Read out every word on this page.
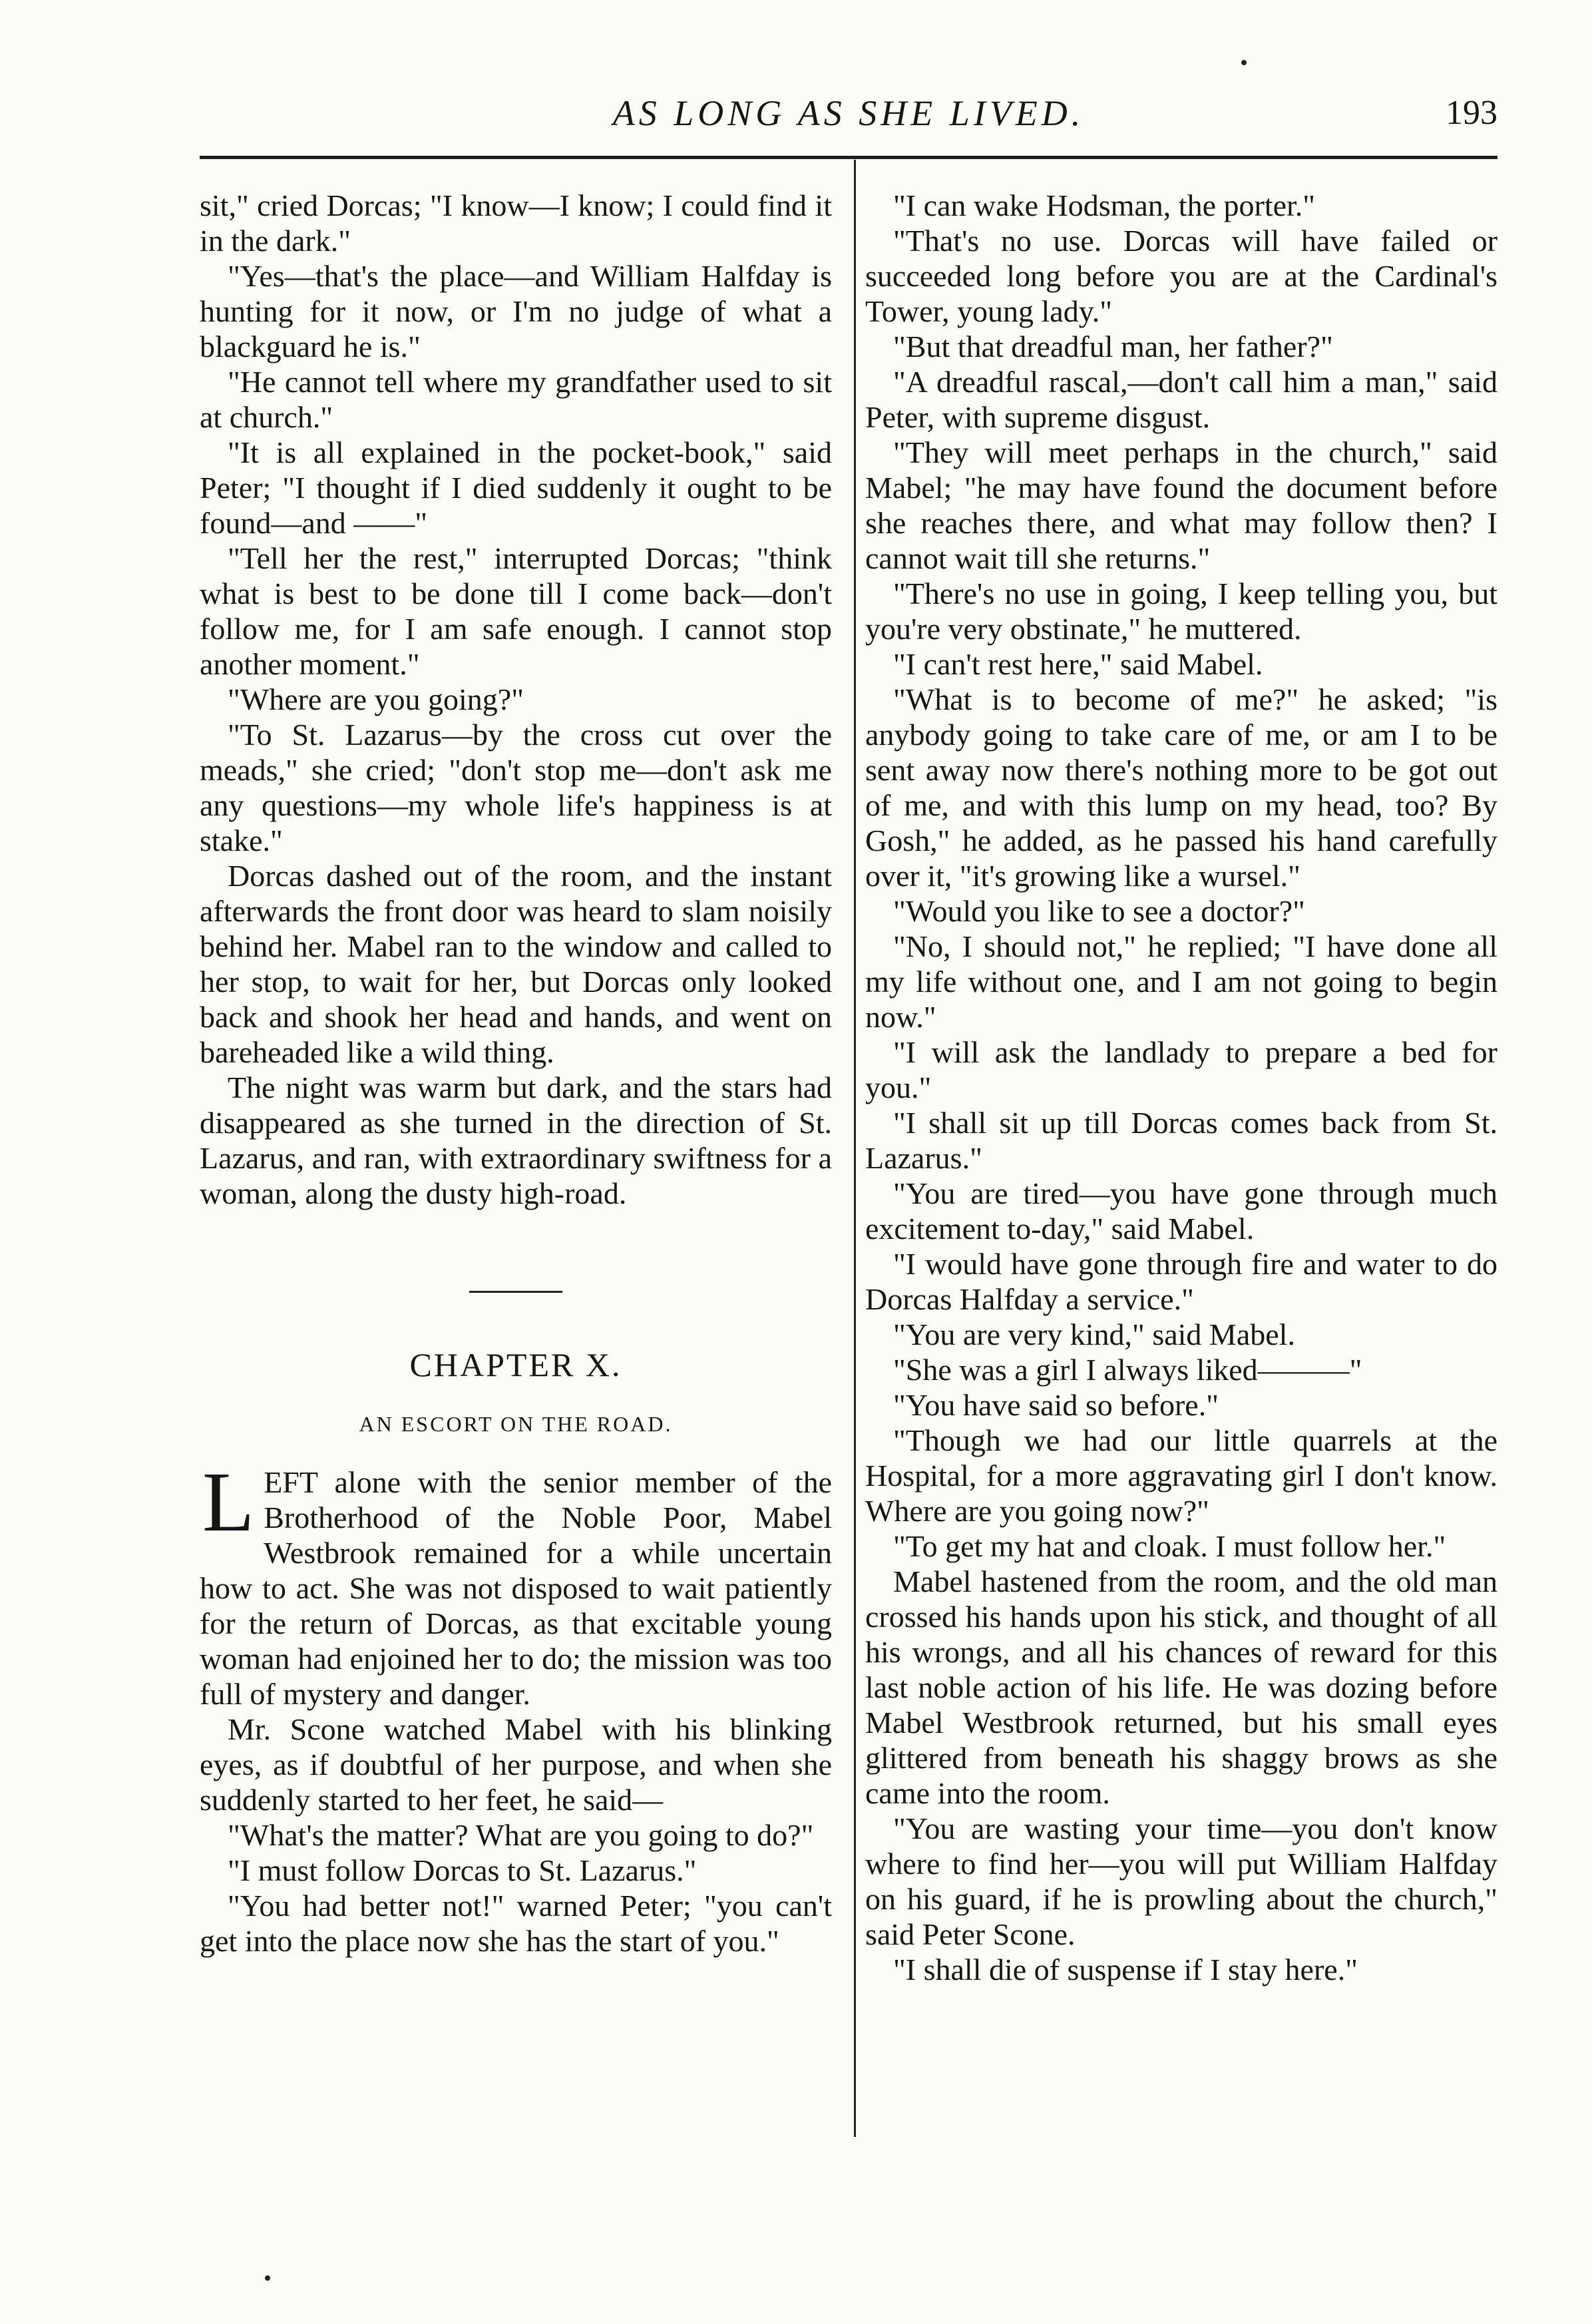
AS LONG AS SHE LIVED.	193

sit," cried Dorcas; "I know—I know; I could find it in the dark."

"Yes—that's the place—and William Halfday is hunting for it now, or I'm no judge of what a blackguard he is."

"He cannot tell where my grandfather used to sit at church."

"It is all explained in the pocket-book," said Peter; "I thought if I died suddenly it ought to be found—and ——"

"Tell her the rest," interrupted Dorcas; "think what is best to be done till I come back—don't follow me, for I am safe enough. I cannot stop another moment."

"Where are you going?"

"To St. Lazarus—by the cross cut over the meads," she cried; "don't stop me—don't ask me any questions—my whole life's happiness is at stake."

Dorcas dashed out of the room, and the instant afterwards the front door was heard to slam noisily behind her. Mabel ran to the window and called to her stop, to wait for her, but Dorcas only looked back and shook her head and hands, and went on bareheaded like a wild thing.

The night was warm but dark, and the stars had disappeared as she turned in the direction of St. Lazarus, and ran, with extraordinary swiftness for a woman, along the dusty high-road.

CHAPTER X.
AN ESCORT ON THE ROAD.

LEFT alone with the senior member of the Brotherhood of the Noble Poor, Mabel Westbrook remained for a while uncertain how to act. She was not disposed to wait patiently for the return of Dorcas, as that excitable young woman had enjoined her to do; the mission was too full of mystery and danger.

Mr. Scone watched Mabel with his blinking eyes, as if doubtful of her purpose, and when she suddenly started to her feet, he said—

"What's the matter? What are you going to do?"

"I must follow Dorcas to St. Lazarus."

"You had better not!" warned Peter; "you can't get into the place now she has the start of you."

"I can wake Hodsman, the porter."

"That's no use. Dorcas will have failed or succeeded long before you are at the Cardinal's Tower, young lady."

"But that dreadful man, her father?"

"A dreadful rascal,—don't call him a man," said Peter, with supreme disgust.

"They will meet perhaps in the church," said Mabel; "he may have found the document before she reaches there, and what may follow then? I cannot wait till she returns."

"There's no use in going, I keep telling you, but you're very obstinate," he muttered.

"I can't rest here," said Mabel.

"What is to become of me?" he asked; "is anybody going to take care of me, or am I to be sent away now there's nothing more to be got out of me, and with this lump on my head, too? By Gosh," he added, as he passed his hand carefully over it, "it's growing like a wursel."

"Would you like to see a doctor?"

"No, I should not," he replied; "I have done all my life without one, and I am not going to begin now."

"I will ask the landlady to prepare a bed for you."

"I shall sit up till Dorcas comes back from St. Lazarus."

"You are tired—you have gone through much excitement to-day," said Mabel.

"I would have gone through fire and water to do Dorcas Halfday a service."

"You are very kind," said Mabel.

"She was a girl I always liked———"

"You have said so before."

"Though we had our little quarrels at the Hospital, for a more aggravating girl I don't know. Where are you going now?"

"To get my hat and cloak. I must follow her."

Mabel hastened from the room, and the old man crossed his hands upon his stick, and thought of all his wrongs, and all his chances of reward for this last noble action of his life. He was dozing before Mabel Westbrook returned, but his small eyes glittered from beneath his shaggy brows as she came into the room.

"You are wasting your time—you don't know where to find her—you will put William Halfday on his guard, if he is prowling about the church," said Peter Scone.

"I shall die of suspense if I stay here."
